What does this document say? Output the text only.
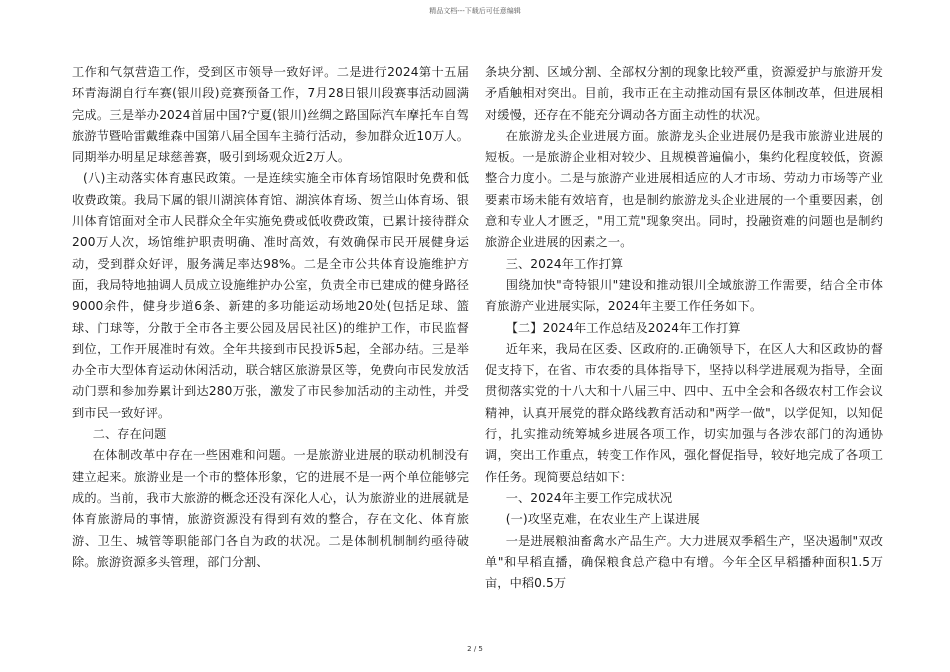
精品文档---下载后可任意编辑

工作和气氛营造工作，受到区市领导一致好评。二是进行2024第十五届环青海湖自行车赛(银川段)竞赛预备工作，7月28日银川段赛事活动圆满完成。三是举办2024首届中国?宁夏(银川)丝绸之路国际汽车摩托车自驾旅游节暨哈雷戴维森中国第八届全国车主骑行活动，参加群众近10万人。同期举办明星足球慈善赛，吸引到场观众近2万人。

(八)主动落实体育惠民政策。一是连续实施全市体育场馆限时免费和低收费政策。我局下属的银川湖滨体育馆、湖滨体育场、贺兰山体育场、银川体育馆面对全市人民群众全年实施免费或低收费政策，已累计接待群众200万人次，场馆维护职责明确、准时高效，有效确保市民开展健身运动，受到群众好评，服务满足率达98%。二是全市公共体育设施维护方面，我局特地抽调人员成立设施维护办公室，负责全市已建成的健身路径9000余件，健身步道6条、新建的多功能运动场地20处(包括足球、篮球、门球等，分散于全市各主要公园及居民社区)的维护工作，市民监督到位，工作开展准时有效。全年共接到市民投诉5起，全部办结。三是举办全市大型体育运动休闲活动，联合辖区旅游景区等，免费向市民发放活动门票和参加券累计到达280万张，激发了市民参加活动的主动性，并受到市民一致好评。

二、存在问题

在体制改革中存在一些困难和问题。一是旅游业进展的联动机制没有建立起来。旅游业是一个市的整体形象，它的进展不是一两个单位能够完成的。当前，我市大旅游的概念还没有深化人心，认为旅游业的进展就是体育旅游局的事情，旅游资源没有得到有效的整合，存在文化、体育旅游、卫生、城管等职能部门各自为政的状况。二是体制机制制约亟待破除。旅游资源多头管理，部门分割、

条块分割、区域分割、全部权分割的现象比较严重，资源爱护与旅游开发矛盾触相对突出。目前，我市正在主动推动国有景区体制改革，但进展相对缓慢，还存在不能充分调动各方面主动性的状况。

在旅游龙头企业进展方面。旅游龙头企业进展仍是我市旅游业进展的短板。一是旅游企业相对较少、且规模普遍偏小，集约化程度较低，资源整合力度小。二是与旅游产业进展相适应的人才市场、劳动力市场等产业要素市场未能有效培育，也是制约旅游龙头企业进展的一个重要因素，创意和专业人才匮乏，"用工荒"现象突出。同时，投融资难的问题也是制约旅游企业进展的因素之一。

三、2024年工作打算

围绕加快"奇特银川"建设和推动银川全域旅游工作需要，结合全市体育旅游产业进展实际，2024年主要工作任务如下。

【二】2024年工作总结及2024年工作打算

近年来，我局在区委、区政府的.正确领导下，在区人大和区政协的督促支持下，在省、市农委的具体指导下，坚持以科学进展观为指导，全面贯彻落实党的十八大和十八届三中、四中、五中全会和各级农村工作会议精神，认真开展党的群众路线教育活动和"两学一做"，以学促知，以知促行，扎实推动统筹城乡进展各项工作，切实加强与各涉农部门的沟通协调，突出工作重点，转变工作作风，强化督促指导，较好地完成了各项工作任务。现简要总结如下：

一、2024年主要工作完成状况

(一)攻坚克难，在农业生产上谋进展

一是进展粮油畜禽水产品生产。大力进展双季稻生产，坚决遏制"双改单"和早稻直播，确保粮食总产稳中有增。今年全区早稻播种面积1.5万亩，中稻0.5万

2 / 5
